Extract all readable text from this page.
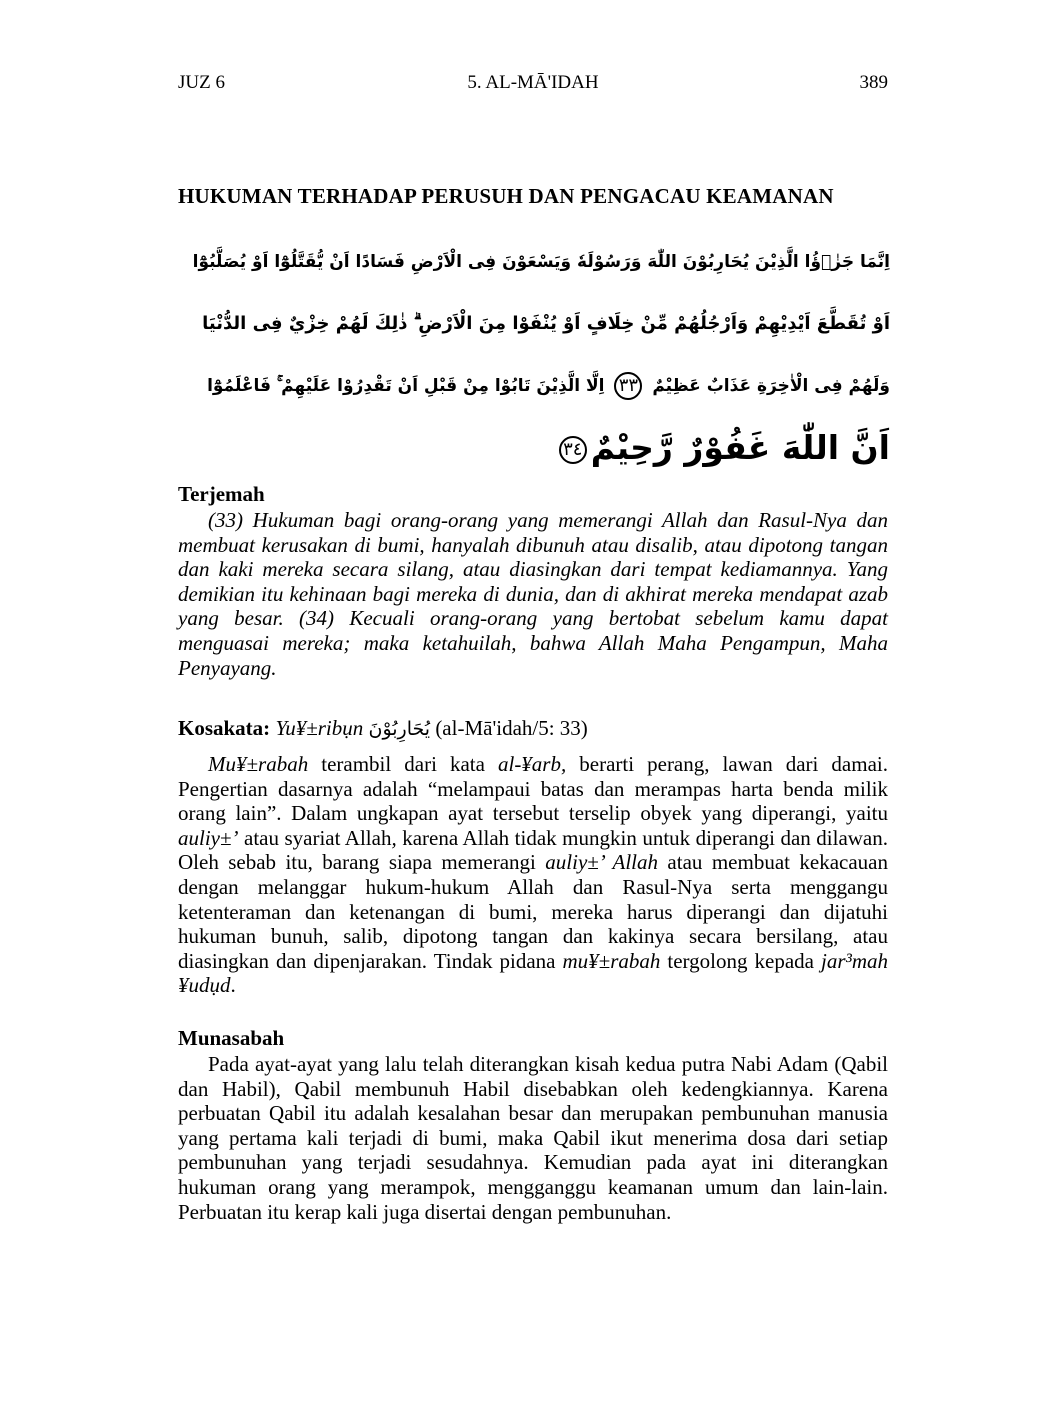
JUZ 6	5. AL-MĀ'IDAH	389
HUKUMAN TERHADAP PERUSUH DAN PENGACAU KEAMANAN
اِنَّمَا جَزٰۤؤُا الَّذِيْنَ يُحَارِبُوْنَ اللّٰهَ وَرَسُوْلَهٗ وَيَسْعَوْنَ فِى الْاَرْضِ فَسَادًا اَنْ يُّقَتَّلُوْٓا اَوْ يُصَلَّبُوْٓا
اَوْ تُقَطَّعَ اَيْدِيْهِمْ وَاَرْجُلُهُمْ مِّنْ خِلَافٍ اَوْ يُنْفَوْا مِنَ الْاَرْضِ ۗ ذٰلِكَ لَهُمْ خِزْيٌ فِى الدُّنْيَا
وَلَهُمْ فِى الْاٰخِرَةِ عَذَابٌ عَظِيْمٌ ٣٣ اِلَّا الَّذِيْنَ تَابُوْا مِنْ قَبْلِ اَنْ تَقْدِرُوْا عَلَيْهِمْ ۚ فَاعْلَمُوْٓا
اَنَّ اللّٰهَ غَفُوْرٌ رَّحِيْمٌ٣٤
Terjemah

(33) Hukuman bagi orang-orang yang memerangi Allah dan Rasul-Nya dan membuat kerusakan di bumi, hanyalah dibunuh atau disalib, atau dipotong tangan dan kaki mereka secara silang, atau diasingkan dari tempat kediamannya. Yang demikian itu kehinaan bagi mereka di dunia, dan di akhirat mereka mendapat azab yang besar. (34) Kecuali orang-orang yang bertobat sebelum kamu dapat menguasai mereka; maka ketahuilah, bahwa Allah Maha Pengampun, Maha Penyayang.

Kosakata: Yu¥±ribụn يُحَارِبُوْنَ (al-Mā'idah/5: 33)

Mu¥±rabah terambil dari kata al-¥arb, berarti perang, lawan dari damai. Pengertian dasarnya adalah “melampaui batas dan merampas harta benda milik orang lain”. Dalam ungkapan ayat tersebut terselip obyek yang diperangi, yaitu auliy±’ atau syariat Allah, karena Allah tidak mungkin untuk diperangi dan dilawan. Oleh sebab itu, barang siapa memerangi auliy±’ Allah atau membuat kekacauan dengan melanggar hukum-hukum Allah dan Rasul-Nya serta menggangu ketenteraman dan ketenangan di bumi, mereka harus diperangi dan dijatuhi hukuman bunuh, salib, dipotong tangan dan kakinya secara bersilang, atau diasingkan dan dipenjarakan. Tindak pidana mu¥±rabah tergolong kepada jar³mah ¥udụd.

Munasabah

Pada ayat-ayat yang lalu telah diterangkan kisah kedua putra Nabi Adam (Qabil dan Habil), Qabil membunuh Habil disebabkan oleh kedengkiannya. Karena perbuatan Qabil itu adalah kesalahan besar dan merupakan pembunuhan manusia yang pertama kali terjadi di bumi, maka Qabil ikut menerima dosa dari setiap pembunuhan yang terjadi sesudahnya. Kemudian pada ayat ini diterangkan hukuman orang yang merampok, mengganggu keamanan umum dan lain-lain. Perbuatan itu kerap kali juga disertai dengan pembunuhan.
